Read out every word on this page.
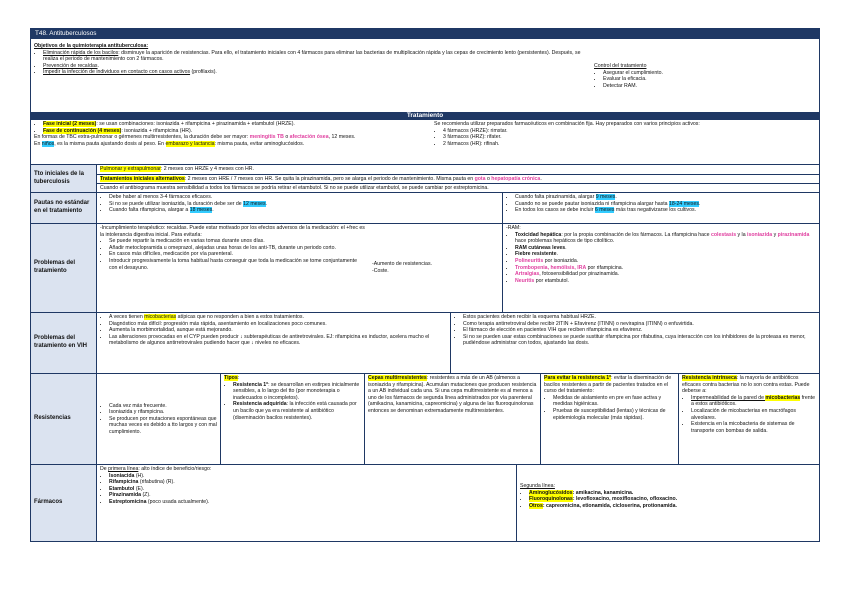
T48. Antituberculosos
Objetivos de la quimioterapia antituberculosa:
• Eliminación rápida de los bacilos: disminuye la aparición de resistencias. Para ello, el tratamiento iniciales con 4 fármacos para eliminar las bacterias de multiplicación rápida y las cepas de crecimiento lento (persistentes). Después, se realiza el periodo de mantenimiento con 2 fármacos.
• Prevención de recaídas.
• Impedir la infección de individuos en contacto con casos activos (profilaxis).
Control del tratamiento
• Asegurar el cumplimiento.
• Evaluar la eficacia.
• Detectar RAM.
Tratamiento
• Fase inicial (2 meses): se usan combinaciones: isoniazida + rifampicina + pirazinamida + etambutol (HRZE).
• Fase de continuación (4 meses): isoniazida + rifampicina (HR).
En formas de TBC extra-pulmonar o gérmenes multirresistentes, la duración debe ser mayor: meningitis TB o afectación ósea, 12 meses.
En niños, es la misma pauta ajustando dosis al peso. En embarazo y lactancia: misma pauta, evitar aminoglucósidos.
Se recomienda utilizar preparados farmacéuticos en combinación fija. Hay preparados con varios principios activos:
• 4 fármacos (HRZE): rimstar.
• 3 fármacos (HRZ): rifater.
• 2 fármacos (HR): rifinah.
Tto iniciales de la tuberculosis
Pulmonar y extrapulmonar: 2 meses con HRZE y 4 meses con HR.
Tratamientos iniciales alternativos: 2 meses con HRE / 7 meses con HR. Se quita la pirazinamida, pero se alarga el periodo de mantenimiento. Misma pauta en gota o hepatopatía crónica.
Cuando el antibiograma muestra sensibilidad a todos los fármacos se podría retirar el etambutol. Si no se puede utilizar etambutol, se puede cambiar por estreptomicina.
Pautas no estándar en el tratamiento
• Debe haber al menos 3-4 fármacos eficaces.
• Si no se puede utilizar isoniazida, la duración debe ser de 12 meses.
• Cuando falta rifampicina, alargar a 18 meses.
• Cuando falta pirazinamida, alargar 9 meses.
• Cuando no se puede pautar isoniazida ni rifampicina alargar hasta 18-24 meses.
• En todos los casos se debe incluir 6 meses más tras negativizarse los cultivos.
Problemas del tratamiento
-Incumplimiento terapéutico: recaídas. Puede estar motivado por los efectos adversos de la medicación: el +frec es la intolerancia digestiva inicial. Para evitarla:
• Se puede repartir la medicación en varias tomas durante unos días.
• Añadir metoclopramida u omeprazol, alejadas unas horas de los anti-TB, durante un periodo corto.
• En casos más difíciles, medicación por vía parenteral.
• Introducir progresivamente la toma habitual hasta conseguir que toda la medicación se tome conjuntamente con el desayuno.
-Aumento de resistencias.
-Coste.
-RAM:
• Toxicidad hepática: por la propia combinación de los fármacos. La rifampicina hace colestasis y la isoniazida y pirazinamida hace problemas hepáticos de tipo citolítico.
• RAM cutáneas leves.
• Fiebre resistente.
• Polineuritis por isoniazida.
• Trombopenia, hemólisis, IRA por rifampicina.
• Artralgias, fotosensibilidad por pirazinamida.
• Neuritis por etambutol.
Problemas del tratamiento en VIH
• A veces tienen micobacterias atípicas que no responden a bien a estos tratamientos.
• Diagnóstico más difícil: progresión más rápida, asentamiento en localizaciones poco comunes.
• Aumenta la morbimortalidad, aunque está mejorando.
• Las alteraciones provocadas en el CYP pueden producir ↓ subterapéuticas de antiretrovirales. EJ: rifampicina es inductor, acelera mucho el metabolismo de algunos antirretrovirales pudiendo hacer que ↓ niveles no eficaces.
• Estos pacientes deben recibir la esquema habitual HRZE.
• Como terapia antirretroviral debe recibir 2ITIN + Efavirenz (ITINN) o nevirapina (ITINN) o enfuvirtida.
• El fármaco de elección en pacientes VIH que reciben rifampicina es efavirenz.
• Si no se pueden usar estas combinaciones se puede sustituir rifampicina por rifabutina, cuya interacción con los inhibidores de la proteasa es menor, pudiéndose administrar con todos, ajustando las dosis.
Resistencias
• Cada vez más frecuente.
• Isoniazida y rifampicina.
• Se producen por mutaciones espontáneas que muchas veces es debido a tto largos y con mal cumplimiento.
Tipos:
• Resistencia 1ª: se desarrollan en estirpes inicialmente sensibles, a lo largo del tto (por monoterapia o inadecuados o incompletos).
• Resistencia adquirida: la infección está causada por un bacilo que ya era resistente al antibiótico (diseminación bacilos resistentes).
Cepas multirresistentes: resistentes a más de un AB (almenos a isoniazida y rifampicina). Acumulan mutaciones que producen resistencia a un AB individual cada una. Si una cepa multirresistente es al menos a uno de los fármacos de segunda línea administrados por vía parenteral (amikacina, kanamicina, capreomicina) y alguna de las fluoroquinolonas entonces se denominan extremadamente multirresistentes.
Para evitar la resistencia 1ª: evitar la diseminación de bacilos resistentes a partir de pacientes tratados en el curso del tratamiento:
• Medidas de aislamiento en pre en fase activa y medidas higiénicas.
• Pruebas de susceptibilidad (lentas) y técnicas de epidemiología molecular (más rápidas).
Resistencia intrínseca: la mayoría de antibióticos eficaces contra bacterias no lo son contra estas. Puede deberse a:
• Impermeabilidad de la pared de micobacterias frente a estos antibióticos.
• Localización de micobacterias en macrófagos alveolares.
• Existencia en la micobacteria de sistemas de transporte con bombas de salida.
Fármacos
De primera línea: alto índice de beneficio/riesgo:
• Isoniacida (H).
• Rifampicina (rifabutina) (R).
• Etambutol (E).
• Pirazinamida (Z).
• Estreptomicina (poco usada actualmente).
Segunda línea:
• Aminoglucósidos: amikacina, kanamicina.
• Fluoroquinolonas: levofloxacino, moxifloxacino, ofloxacino.
• Otros: capreomicina, etionamida, cicloserina, protionamida.
